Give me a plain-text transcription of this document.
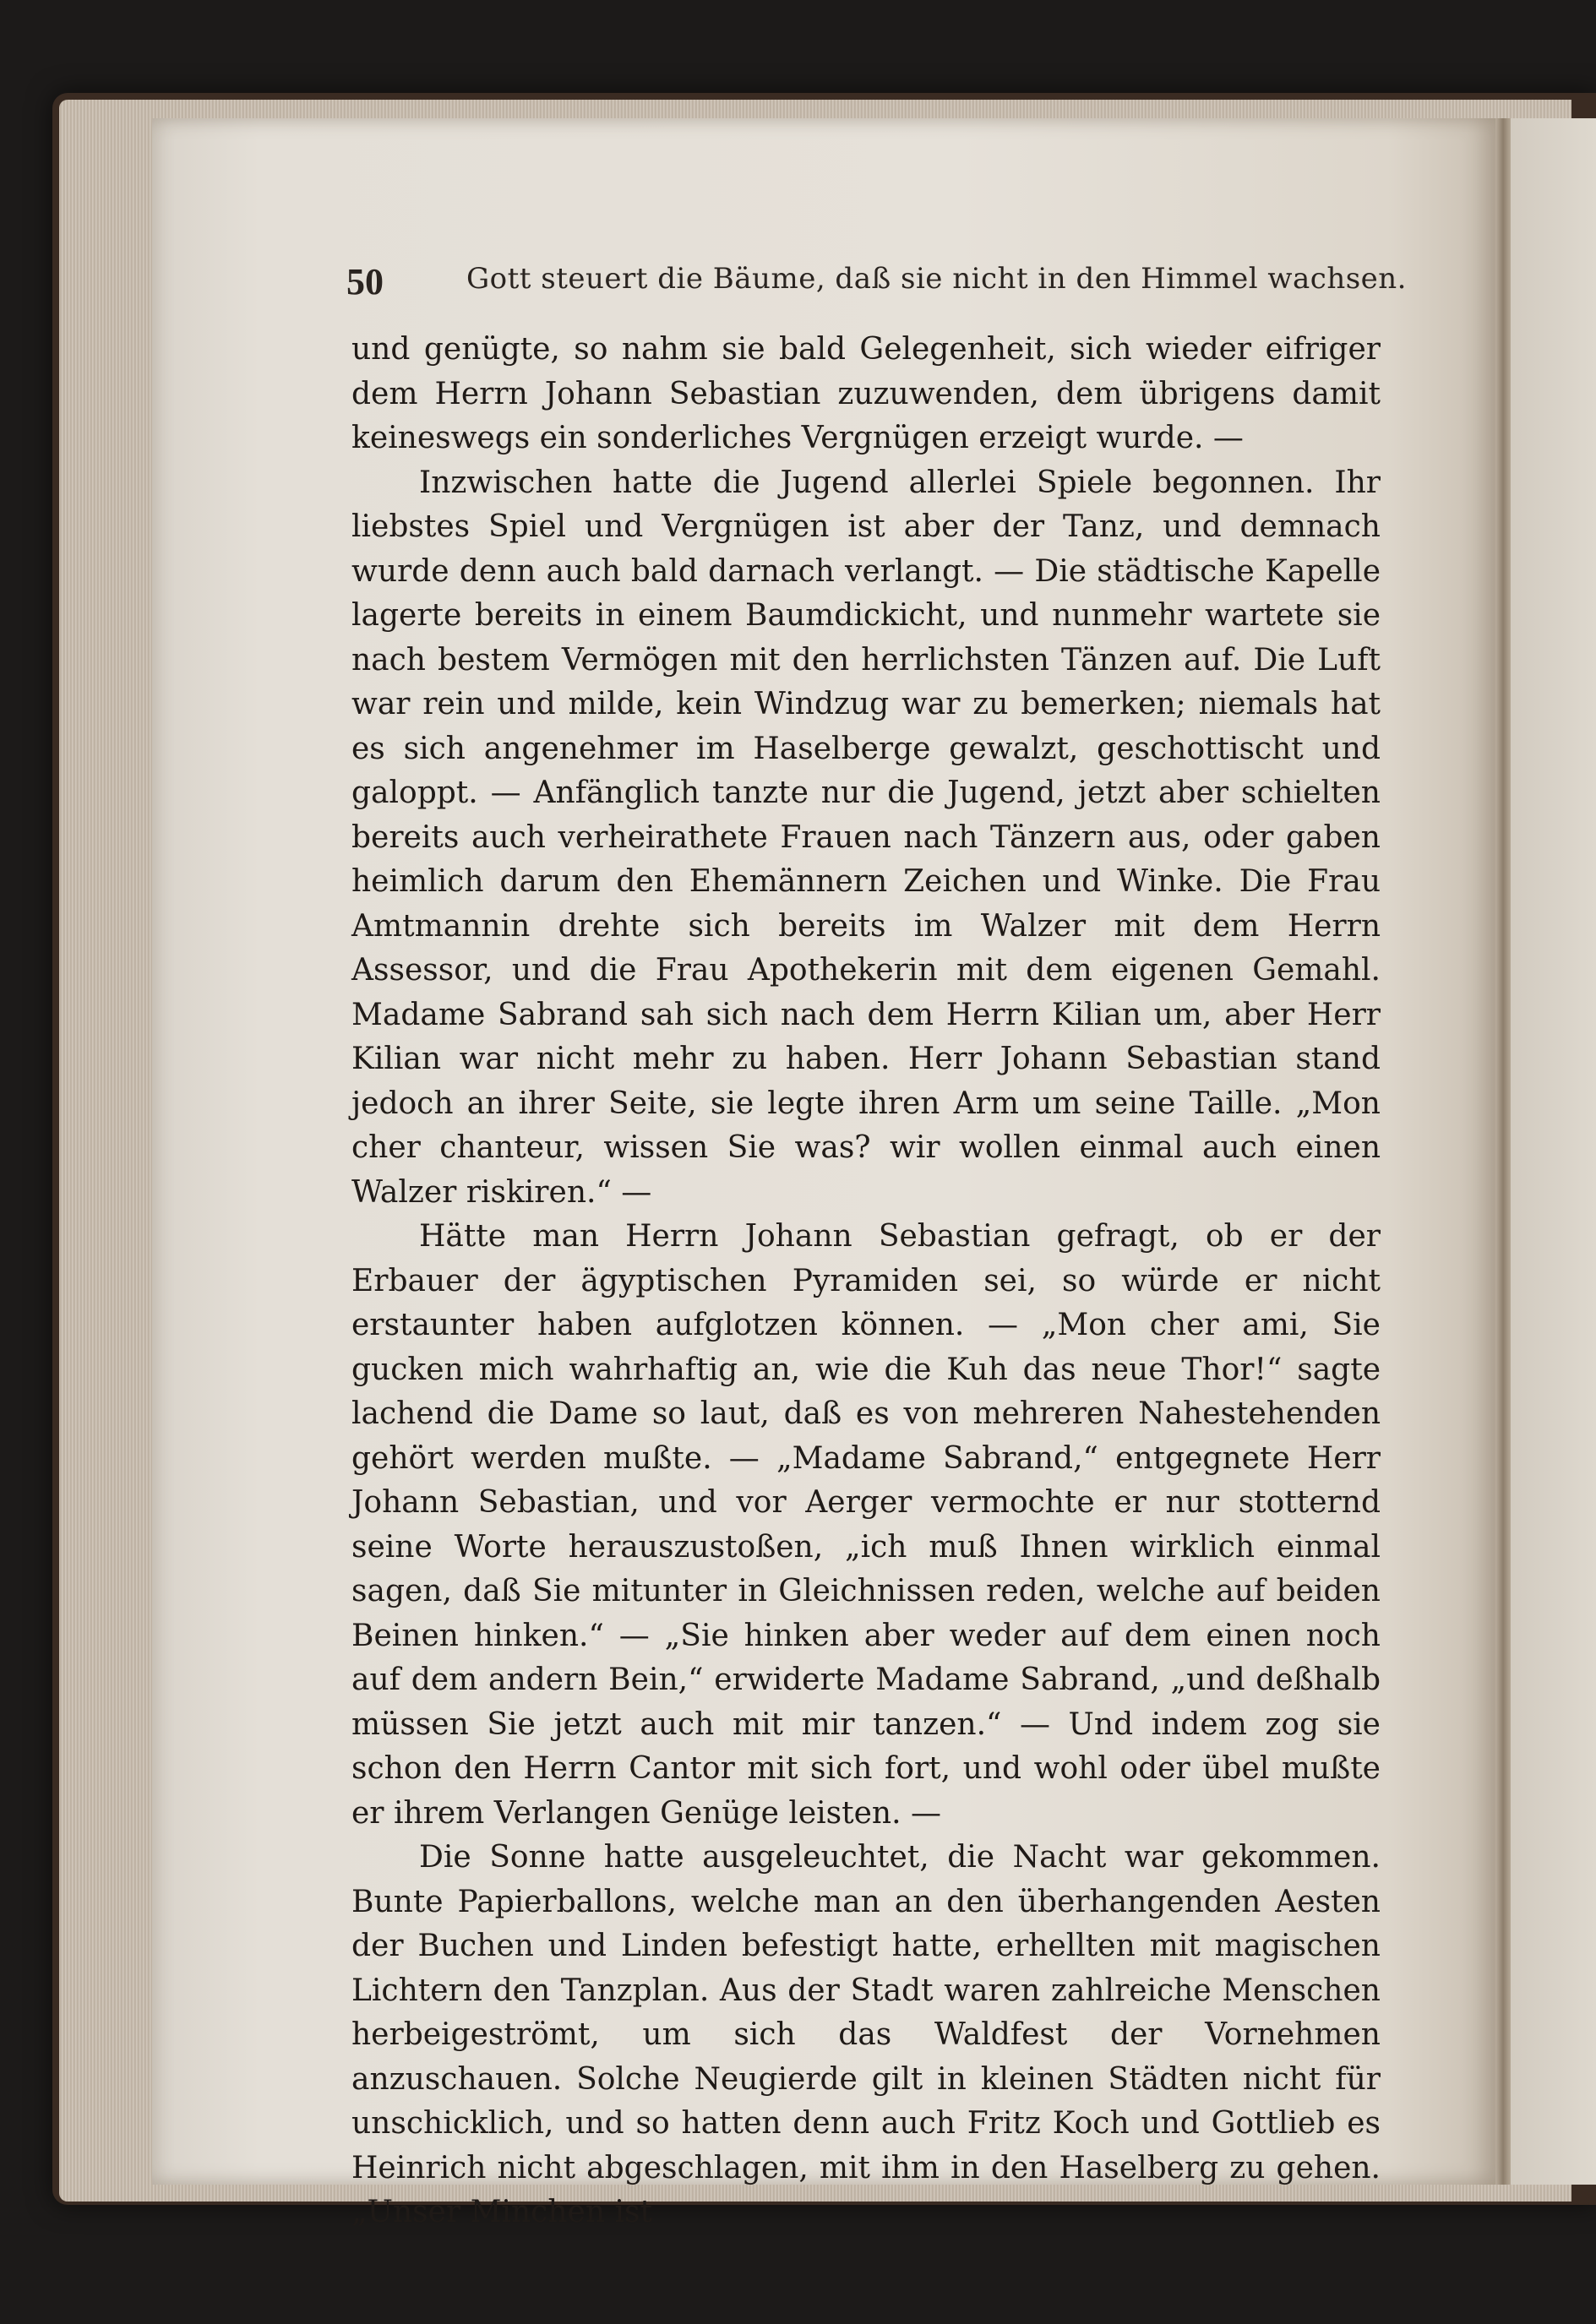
50	Gott steuert die Bäume, daß sie nicht in den Himmel wachsen.

und genügte, so nahm sie bald Gelegenheit, sich wieder eifriger dem Herrn Johann Sebastian zuzuwenden, dem übrigens damit keineswegs ein sonderliches Vergnügen erzeigt wurde. —

Inzwischen hatte die Jugend allerlei Spiele begonnen. Ihr liebstes Spiel und Vergnügen ist aber der Tanz, und demnach wurde denn auch bald darnach verlangt. — Die städtische Kapelle lagerte bereits in einem Baumdickicht, und nunmehr wartete sie nach bestem Vermögen mit den herrlichsten Tänzen auf. Die Luft war rein und milde, kein Windzug war zu bemerken; niemals hat es sich angenehmer im Haselberge gewalzt, geschottischt und galoppt. — Anfänglich tanzte nur die Jugend, jetzt aber schielten bereits auch verheirathete Frauen nach Tänzern aus, oder gaben heimlich darum den Ehemännern Zeichen und Winke. Die Frau Amtmannin drehte sich bereits im Walzer mit dem Herrn Assessor, und die Frau Apothekerin mit dem eigenen Gemahl. Madame Sabrand sah sich nach dem Herrn Kilian um, aber Herr Kilian war nicht mehr zu haben. Herr Johann Sebastian stand jedoch an ihrer Seite, sie legte ihren Arm um seine Taille. „Mon cher chanteur, wissen Sie was? wir wollen einmal auch einen Walzer riskiren.“ —

Hätte man Herrn Johann Sebastian gefragt, ob er der Erbauer der ägyptischen Pyramiden sei, so würde er nicht erstaunter haben aufglotzen können. — „Mon cher ami, Sie gucken mich wahrhaftig an, wie die Kuh das neue Thor!“ sagte lachend die Dame so laut, daß es von mehreren Nahestehenden gehört werden mußte. — „Madame Sabrand,“ entgegnete Herr Johann Sebastian, und vor Aerger vermochte er nur stotternd seine Worte herauszustoßen, „ich muß Ihnen wirklich einmal sagen, daß Sie mitunter in Gleichnissen reden, welche auf beiden Beinen hinken.“ — „Sie hinken aber weder auf dem einen noch auf dem andern Bein,“ erwiderte Madame Sabrand, „und deßhalb müssen Sie jetzt auch mit mir tanzen.“ — Und indem zog sie schon den Herrn Cantor mit sich fort, und wohl oder übel mußte er ihrem Verlangen Genüge leisten. —

Die Sonne hatte ausgeleuchtet, die Nacht war gekommen. Bunte Papierballons, welche man an den überhangenden Aesten der Buchen und Linden befestigt hatte, erhellten mit magischen Lichtern den Tanzplan. Aus der Stadt waren zahlreiche Menschen herbeigeströmt, um sich das Waldfest der Vornehmen anzuschauen. Solche Neugierde gilt in kleinen Städten nicht für unschicklich, und so hatten denn auch Fritz Koch und Gottlieb es Heinrich nicht abgeschlagen, mit ihm in den Haselberg zu gehen. „Unser Minchen ist
